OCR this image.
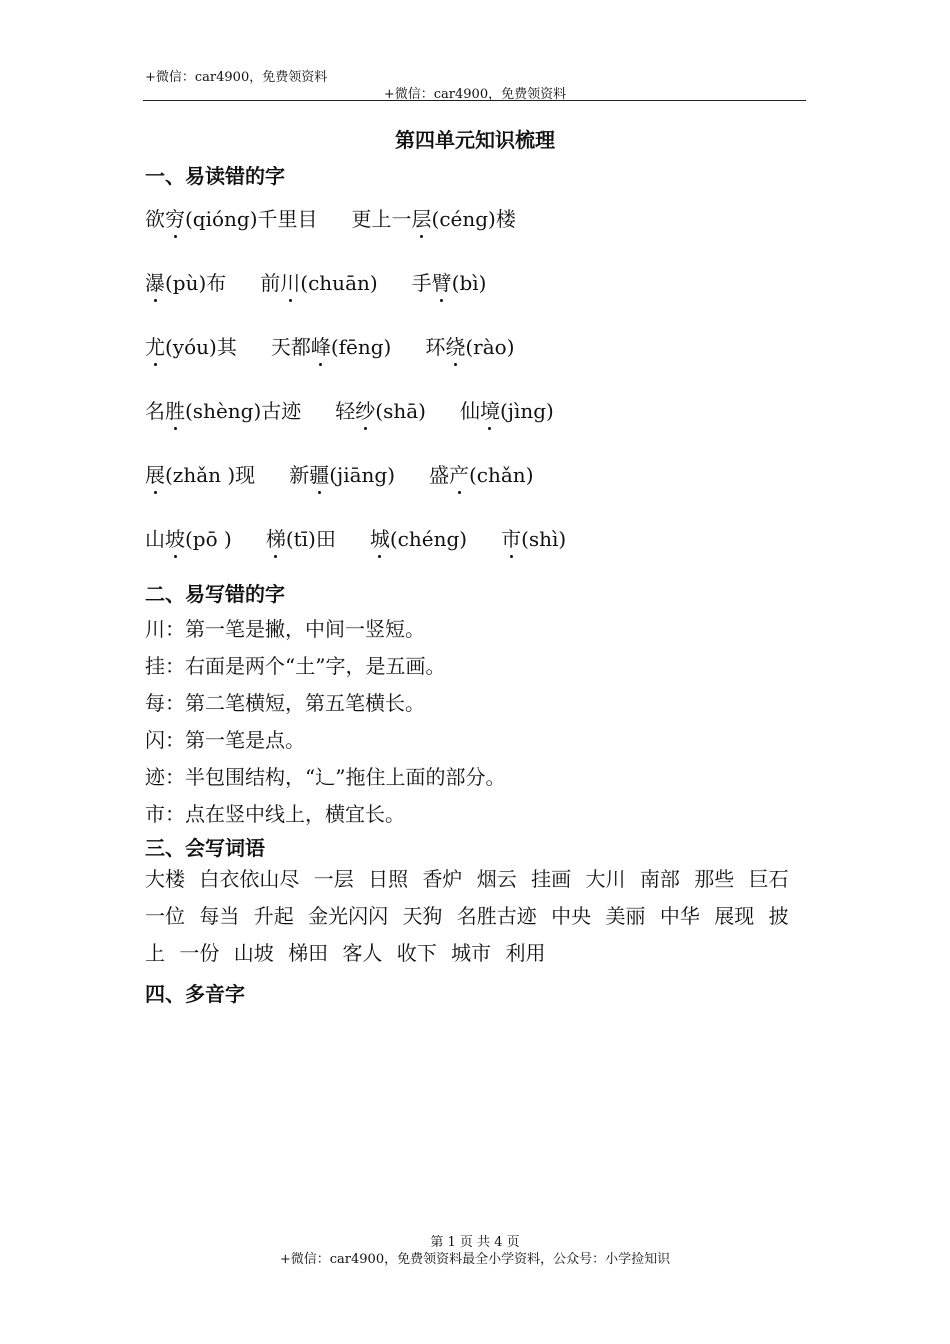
+微信：car4900，免费领资料
+微信：car4900，免费领资料
第四单元知识梳理
一、易读错的字
欲穷(qióng)千里目 更上一层(céng)楼
瀑(pù)布 前川(chuān) 手臂(bì)
尤(yóu)其 天都峰(fēng) 环绕(rào)
名胜(shèng)古迹 轻纱(shā) 仙境(jìng)
展(zhǎn )现 新疆(jiāng) 盛产(chǎn)
山坡(pō ) 梯(tī)田 城(chéng) 市(shì)
二、易写错的字
川：第一笔是撇，中间一竖短。
挂：右面是两个“土”字，是五画。
每：第二笔横短，第五笔横长。
闪：第一笔是点。
迹：半包围结构，“辶”拖住上面的部分。
市：点在竖中线上，横宜长。
三、会写词语
大楼 白衣依山尽 一层 日照 香炉 烟云 挂画 大川 南部 那些 巨石 一位 每当 升起 金光闪闪 天狗 名胜古迹 中央 美丽 中华 展现 披上 一份 山坡 梯田 客人 收下 城市 利用
四、多音字
第 1 页 共 4 页
+微信：car4900，免费领资料最全小学资料，公众号：小学捡知识
